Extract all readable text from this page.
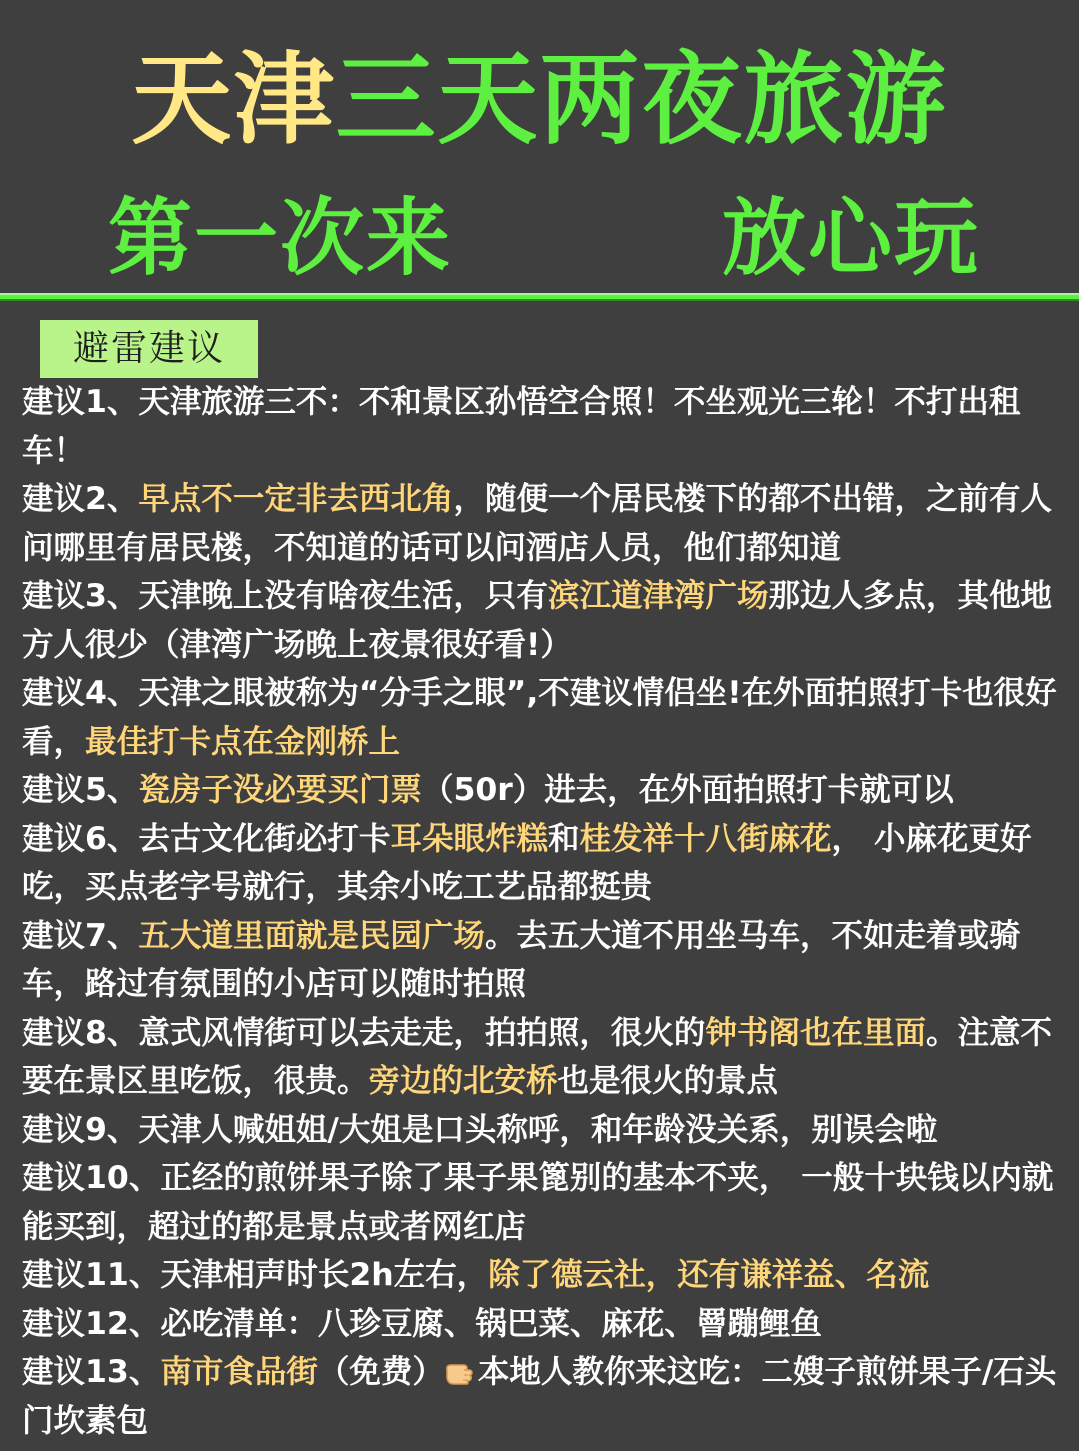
天津三天两夜旅游
第一次来	放心玩
避雷建议

建议1、天津旅游三不：不和景区孙悟空合照！不坐观光三轮！不打出租车！

建议2、早点不一定非去西北角，随便一个居民楼下的都不出错，之前有人问哪里有居民楼，不知道的话可以问酒店人员，他们都知道

建议3、天津晚上没有啥夜生活，只有滨江道津湾广场那边人多点，其他地方人很少（津湾广场晚上夜景很好看!）

建议4、天津之眼被称为“分手之眼”,不建议情侣坐!在外面拍照打卡也很好看，最佳打卡点在金刚桥上

建议5、瓷房子没必要买门票（50r）进去，在外面拍照打卡就可以

建议6、去古文化街必打卡耳朵眼炸糕和桂发祥十八街麻花， 小麻花更好吃，买点老字号就行，其余小吃工艺品都挺贵

建议7、五大道里面就是民园广场。去五大道不用坐马车，不如走着或骑车，路过有氛围的小店可以随时拍照

建议8、意式风情街可以去走走，拍拍照，很火的钟书阁也在里面。注意不要在景区里吃饭，很贵。旁边的北安桥也是很火的景点

建议9、天津人喊姐姐/大姐是口头称呼，和年龄没关系，别误会啦

建议10、正经的煎饼果子除了果子果篦别的基本不夹， 一般十块钱以内就能买到，超过的都是景点或者网红店

建议11、天津相声时长2h左右，除了德云社，还有谦祥益、名流

建议12、必吃清单：八珍豆腐、锅巴菜、麻花、罾蹦鲤鱼

建议13、南市食品街（免费） 本地人教你来这吃：二嫂子煎饼果子/石头门坎素包
